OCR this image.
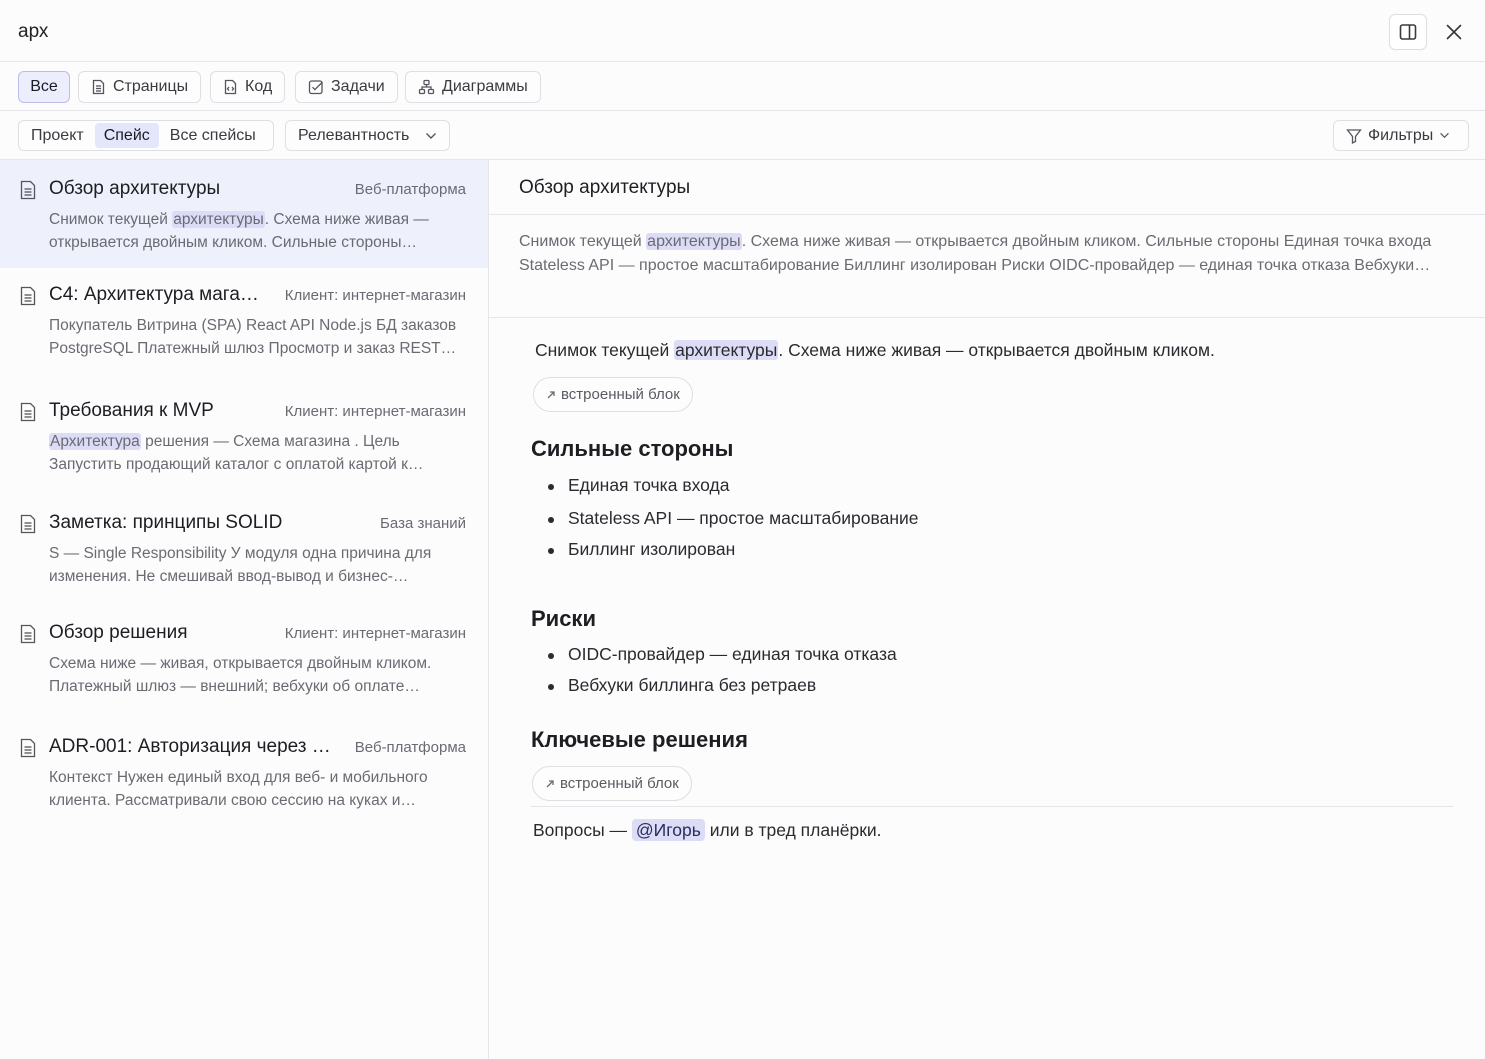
арх
Все	Страницы	Код	Задачи	Диаграммы
Проект	Спейс	Все спейсы	Релевантность	Фильтры
Обзор архитектуры	Веб-платформа
Снимок текущей архитектуры. Схема ниже живая — открывается двойным кликом. Сильные стороны…
C4: Архитектура мага… Клиент: интернет-магазин
Покупатель Витрина (SPA) React API Node.js БД заказов PostgreSQL Платежный шлюз Просмотр и заказ REST…
Требования к MVP	Клиент: интернет-магазин
Архитектура решения — Схема магазина . Цель Запустить продающий каталог с оплатой картой к…
Заметка: принципы SOLID	База знаний
S — Single Responsibility У модуля одна причина для изменения. Не смешивай ввод-вывод и бизнес-…
Обзор решения	Клиент: интернет-магазин
Схема ниже — живая, открывается двойным кликом. Платежный шлюз — внешний; вебхуки об оплате…
ADR-001: Авторизация через … Веб-платформа
Контекст Нужен единый вход для веб- и мобильного клиента. Рассматривали свою сессию на куках и…
Обзор архитектуры
Снимок текущей архитектуры. Схема ниже живая — открывается двойным кликом. Сильные стороны Единая точка входа Stateless API — простое масштабирование Биллинг изолирован Риски OIDC-провайдер — единая точка отказа Вебхуки…
Снимок текущей архитектуры. Схема ниже живая — открывается двойным кликом.
встроенный блок
Сильные стороны
Единая точка входа
Stateless API — простое масштабирование
Биллинг изолирован
Риски
OIDC-провайдер — единая точка отказа
Вебхуки биллинга без ретраев
Ключевые решения
встроенный блок
Вопросы — @Игорь или в тред планёрки.
